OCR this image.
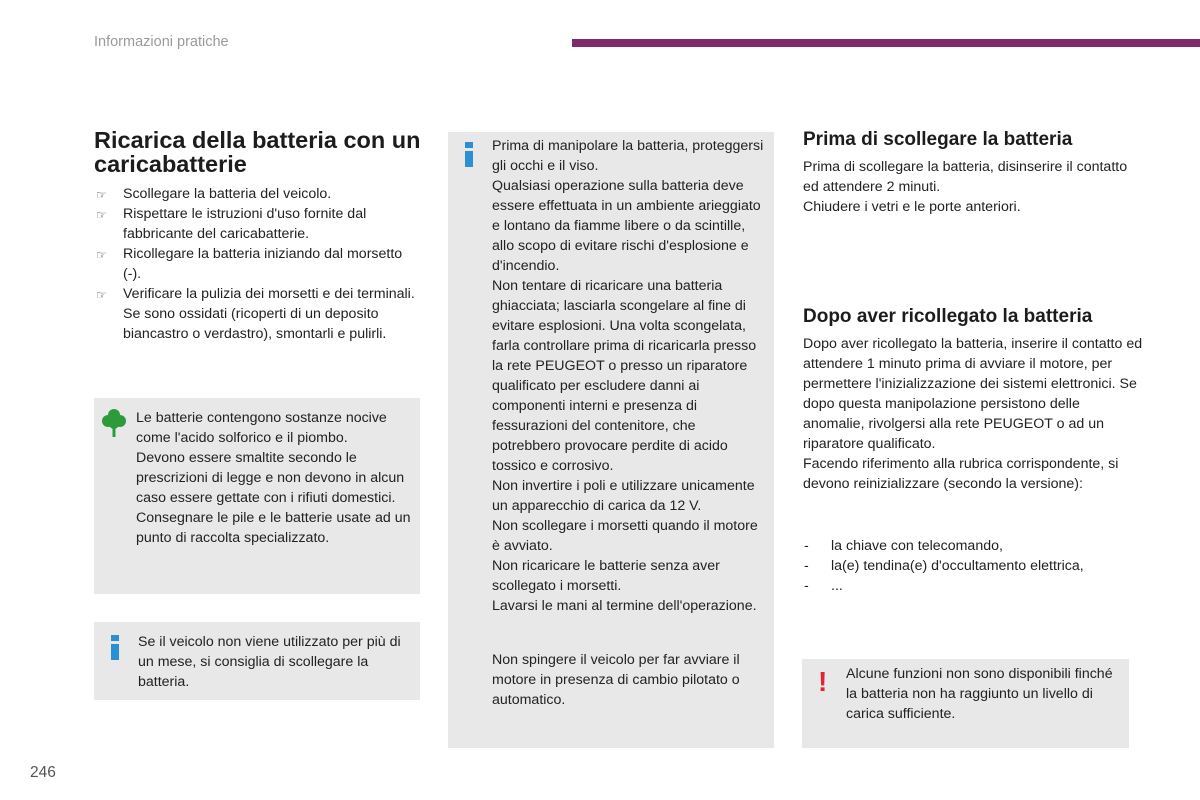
Informazioni pratiche
Ricarica della batteria con un caricabatterie
☞ Scollegare la batteria del veicolo.
☞ Rispettare le istruzioni d'uso fornite dal fabbricante del caricabatterie.
☞ Ricollegare la batteria iniziando dal morsetto (-).
☞ Verificare la pulizia dei morsetti e dei terminali. Se sono ossidati (ricoperti di un deposito biancastro o verdastro), smontarli e pulirli.

Le batterie contengono sostanze nocive come l'acido solforico e il piombo.

Devono essere smaltite secondo le prescrizioni di legge e non devono in alcun caso essere gettate con i rifiuti domestici.

Consegnare le pile e le batterie usate ad un punto di raccolta specializzato.

Se il veicolo non viene utilizzato per più di un mese, si consiglia di scollegare la batteria.

Prima di manipolare la batteria, proteggersi gli occhi e il viso.

Qualsiasi operazione sulla batteria deve essere effettuata in un ambiente arieggiato e lontano da fiamme libere o da scintille, allo scopo di evitare rischi d'esplosione e d'incendio.

Non tentare di ricaricare una batteria ghiacciata; lasciarla scongelare al fine di evitare esplosioni. Una volta scongelata, farla controllare prima di ricaricarla presso la rete PEUGEOT o presso un riparatore qualificato per escludere danni ai componenti interni e presenza di fessurazioni del contenitore, che potrebbero provocare perdite di acido tossico e corrosivo.

Non invertire i poli e utilizzare unicamente un apparecchio di carica da 12 V.

Non scollegare i morsetti quando il motore è avviato.

Non ricaricare le batterie senza aver scollegato i morsetti.

Lavarsi le mani al termine dell'operazione.

Non spingere il veicolo per far avviare il motore in presenza di cambio pilotato o automatico.

Prima di scollegare la batteria
Prima di scollegare la batteria, disinserire il contatto ed attendere 2 minuti.
Chiudere i vetri e le porte anteriori.
Dopo aver ricollegato la batteria
Dopo aver ricollegato la batteria, inserire il contatto ed attendere 1 minuto prima di avviare il motore, per permettere l'inizializzazione dei sistemi elettronici. Se dopo questa manipolazione persistono delle anomalie, rivolgersi alla rete PEUGEOT o ad un riparatore qualificato.
Facendo riferimento alla rubrica corrispondente, si devono reinizializzare (secondo la versione):
- la chiave con telecomando,
- la(e) tendina(e) d'occultamento elettrica,
- ...
! Alcune funzioni non sono disponibili finché la batteria non ha raggiunto un livello di carica sufficiente.

246
